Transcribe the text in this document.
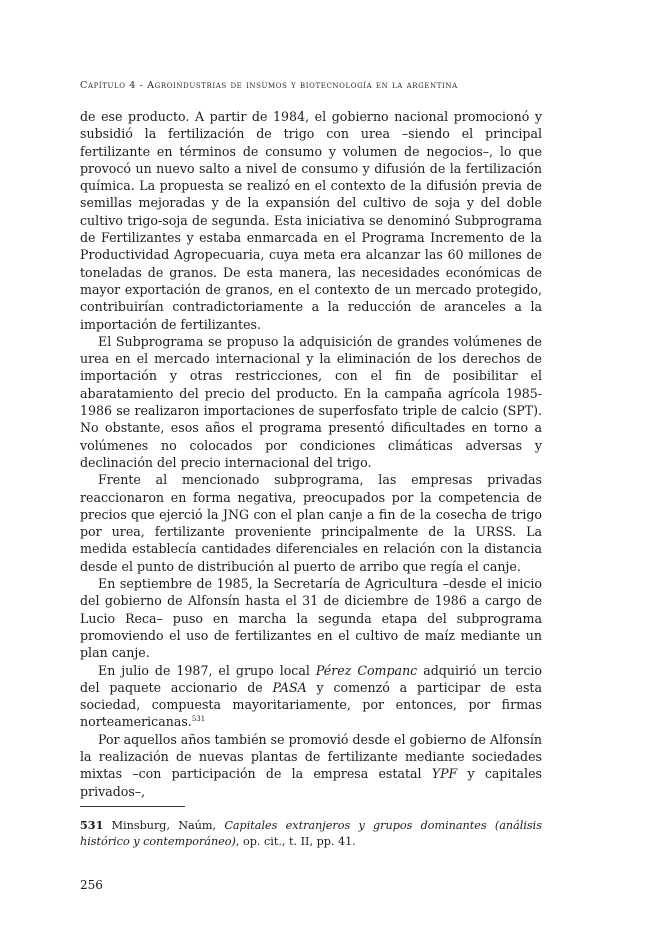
Capítulo 4 - Agroindustrias de insumos y biotecnología en la argentina

de ese producto. A partir de 1984, el gobierno nacional promocionó y subsidió la fertilización de trigo con urea –siendo el principal fertilizante en términos de consumo y volumen de negocios–, lo que provocó un nuevo salto a nivel de consumo y difusión de la fertilización química. La propuesta se realizó en el contexto de la difusión previa de semillas mejoradas y de la expansión del cultivo de soja y del doble cultivo trigo-soja de segunda. Esta iniciativa se denominó Subprograma de Fertilizantes y estaba enmarcada en el Programa Incremento de la Productividad Agropecuaria, cuya meta era alcanzar las 60 millones de toneladas de granos. De esta manera, las necesidades económicas de mayor exportación de granos, en el contexto de un mercado protegido, contribuirían contradictoriamente a la reducción de aranceles a la importación de fertilizantes.

El Subprograma se propuso la adquisición de grandes volúmenes de urea en el mercado internacional y la eliminación de los derechos de importación y otras restricciones, con el fin de posibilitar el abaratamiento del precio del producto. En la campaña agrícola 1985-1986 se realizaron importaciones de superfosfato triple de calcio (SPT). No obstante, esos años el programa presentó dificultades en torno a volúmenes no colocados por condiciones climáticas adversas y declinación del precio internacional del trigo.

Frente al mencionado subprograma, las empresas privadas reaccionaron en forma negativa, preocupados por la competencia de precios que ejerció la JNG con el plan canje a fin de la cosecha de trigo por urea, fertilizante proveniente principalmente de la URSS. La medida establecía cantidades diferenciales en relación con la distancia desde el punto de distribución al puerto de arribo que regía el canje.

En septiembre de 1985, la Secretaría de Agricultura –desde el inicio del gobierno de Alfonsín hasta el 31 de diciembre de 1986 a cargo de Lucio Reca– puso en marcha la segunda etapa del subprograma promoviendo el uso de fertilizantes en el cultivo de maíz mediante un plan canje.

En julio de 1987, el grupo local Pérez Companc adquirió un tercio del paquete accionario de PASA y comenzó a participar de esta sociedad, compuesta mayoritariamente, por entonces, por firmas norteamericanas.$^{531}$

Por aquellos años también se promovió desde el gobierno de Alfonsín la realización de nuevas plantas de fertilizante mediante sociedades mixtas –con participación de la empresa estatal YPF y capitales privados–,

531 Minsburg, Naúm, Capitales extranjeros y grupos dominantes (análisis histórico y contemporáneo), op. cit., t. II, pp. 41.
256
